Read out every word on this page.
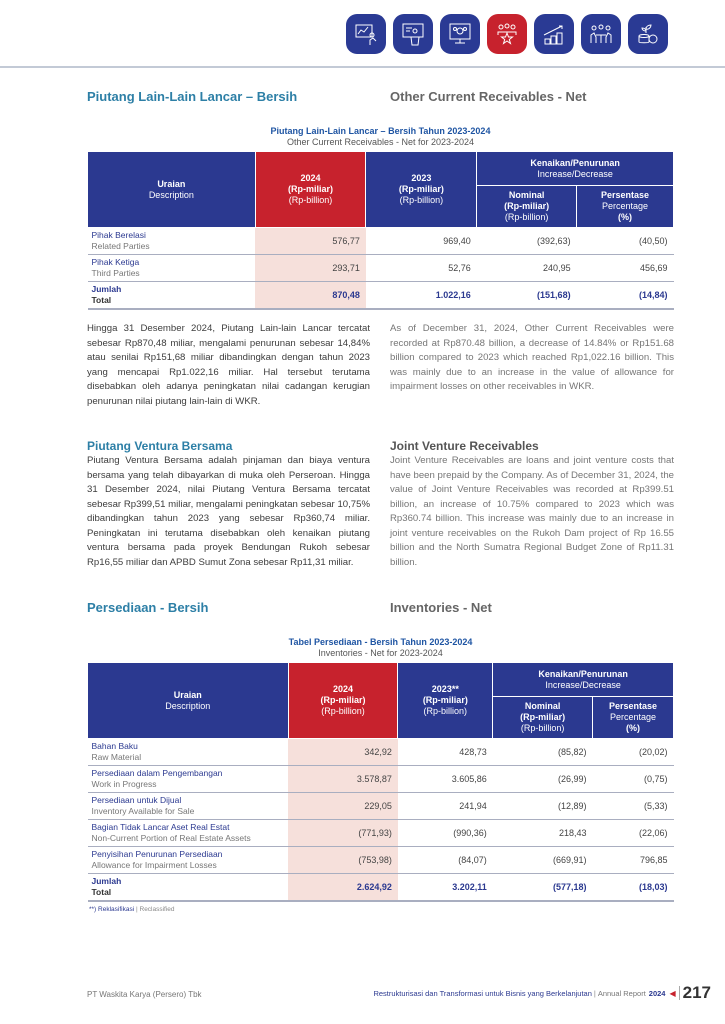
Piutang Lain-Lain Lancar – Bersih	Other Current Receivables - Net
Piutang Lain-Lain Lancar – Bersih Tahun 2023-2024
Other Current Receivables - Net for 2023-2024
Uraian
Description	2024
(Rp-miliar)
(Rp-billion)	2023
(Rp-miliar)
(Rp-billion)	Kenaikan/Penurunan
Increase/Decrease	

			Nominal
(Rp-miliar)
(Rp-billion)	Persentase
Percentage
(%)

Pihak Berelasi
Related Parties	576,77	969,40	(392,63)	(40,50)

Pihak Ketiga
Third Parties	293,71	52,76	240,95	456,69

Jumlah
Total	870,48	1.022,16	(151,68)	(14,84)

Hingga 31 Desember 2024, Piutang Lain-lain Lancar tercatat sebesar Rp870,48 miliar, mengalami penurunan sebesar 14,84% atau senilai Rp151,68 miliar dibandingkan dengan tahun 2023 yang mencapai Rp1.022,16 miliar. Hal tersebut terutama disebabkan oleh adanya peningkatan nilai cadangan kerugian penurunan nilai piutang lain-lain di WKR.

As of December 31, 2024, Other Current Receivables were recorded at Rp870.48 billion, a decrease of 14.84% or Rp151.68 billion compared to 2023 which reached Rp1,022.16 billion. This was mainly due to an increase in the value of allowance for impairment losses on other receivables in WKR.

Piutang Ventura Bersama	Joint Venture Receivables

Piutang Ventura Bersama adalah pinjaman dan biaya ventura bersama yang telah dibayarkan di muka oleh Perseroan. Hingga 31 Desember 2024, nilai Piutang Ventura Bersama tercatat sebesar Rp399,51 miliar, mengalami peningkatan sebesar 10,75% dibandingkan tahun 2023 yang sebesar Rp360,74 miliar. Peningkatan ini terutama disebabkan oleh kenaikan piutang ventura bersama pada proyek Bendungan Rukoh sebesar Rp16,55 miliar dan APBD Sumut Zona sebesar Rp11,31 miliar.

Joint Venture Receivables are loans and joint venture costs that have been prepaid by the Company. As of December 31, 2024, the value of Joint Venture Receivables was recorded at Rp399.51 billion, an increase of 10.75% compared to 2023 which was Rp360.74 billion. This increase was mainly due to an increase in joint venture receivables on the Rukoh Dam project of Rp 16.55 billion and the North Sumatra Regional Budget Zone of Rp11.31 billion.

Persediaan - Bersih	Inventories - Net
Tabel Persediaan - Bersih Tahun 2023-2024
Inventories - Net for 2023-2024
Uraian
Description	2024
(Rp-miliar)
(Rp-billion)	2023**
(Rp-miliar)
(Rp-billion)	Kenaikan/Penurunan
Increase/Decrease	

			Nominal
(Rp-miliar)
(Rp-billion)	Persentase
Percentage
(%)

Bahan Baku
Raw Material	342,92	428,73	(85,82)	(20,02)

Persediaan dalam Pengembangan
Work in Progress	3.578,87	3.605,86	(26,99)	(0,75)

Persediaan untuk Dijual
Inventory Available for Sale	229,05	241,94	(12,89)	(5,33)

Bagian Tidak Lancar Aset Real Estat
Non-Current Portion of Real Estate Assets	(771,93)	(990,36)	218,43	(22,06)

Penyisihan Penurunan Persediaan
Allowance for Impairment Losses	(753,98)	(84,07)	(669,91)	796,85

Jumlah
Total	2.624,92	3.202,11	(577,18)	(18,03)
**) Reklasifikasi | Reclassified
PT Waskita Karya (Persero) Tbk	Restrukturisasi dan Transformasi untuk Bisnis yang Berkelanjutan | Annual Report 2024 ◀ 217
